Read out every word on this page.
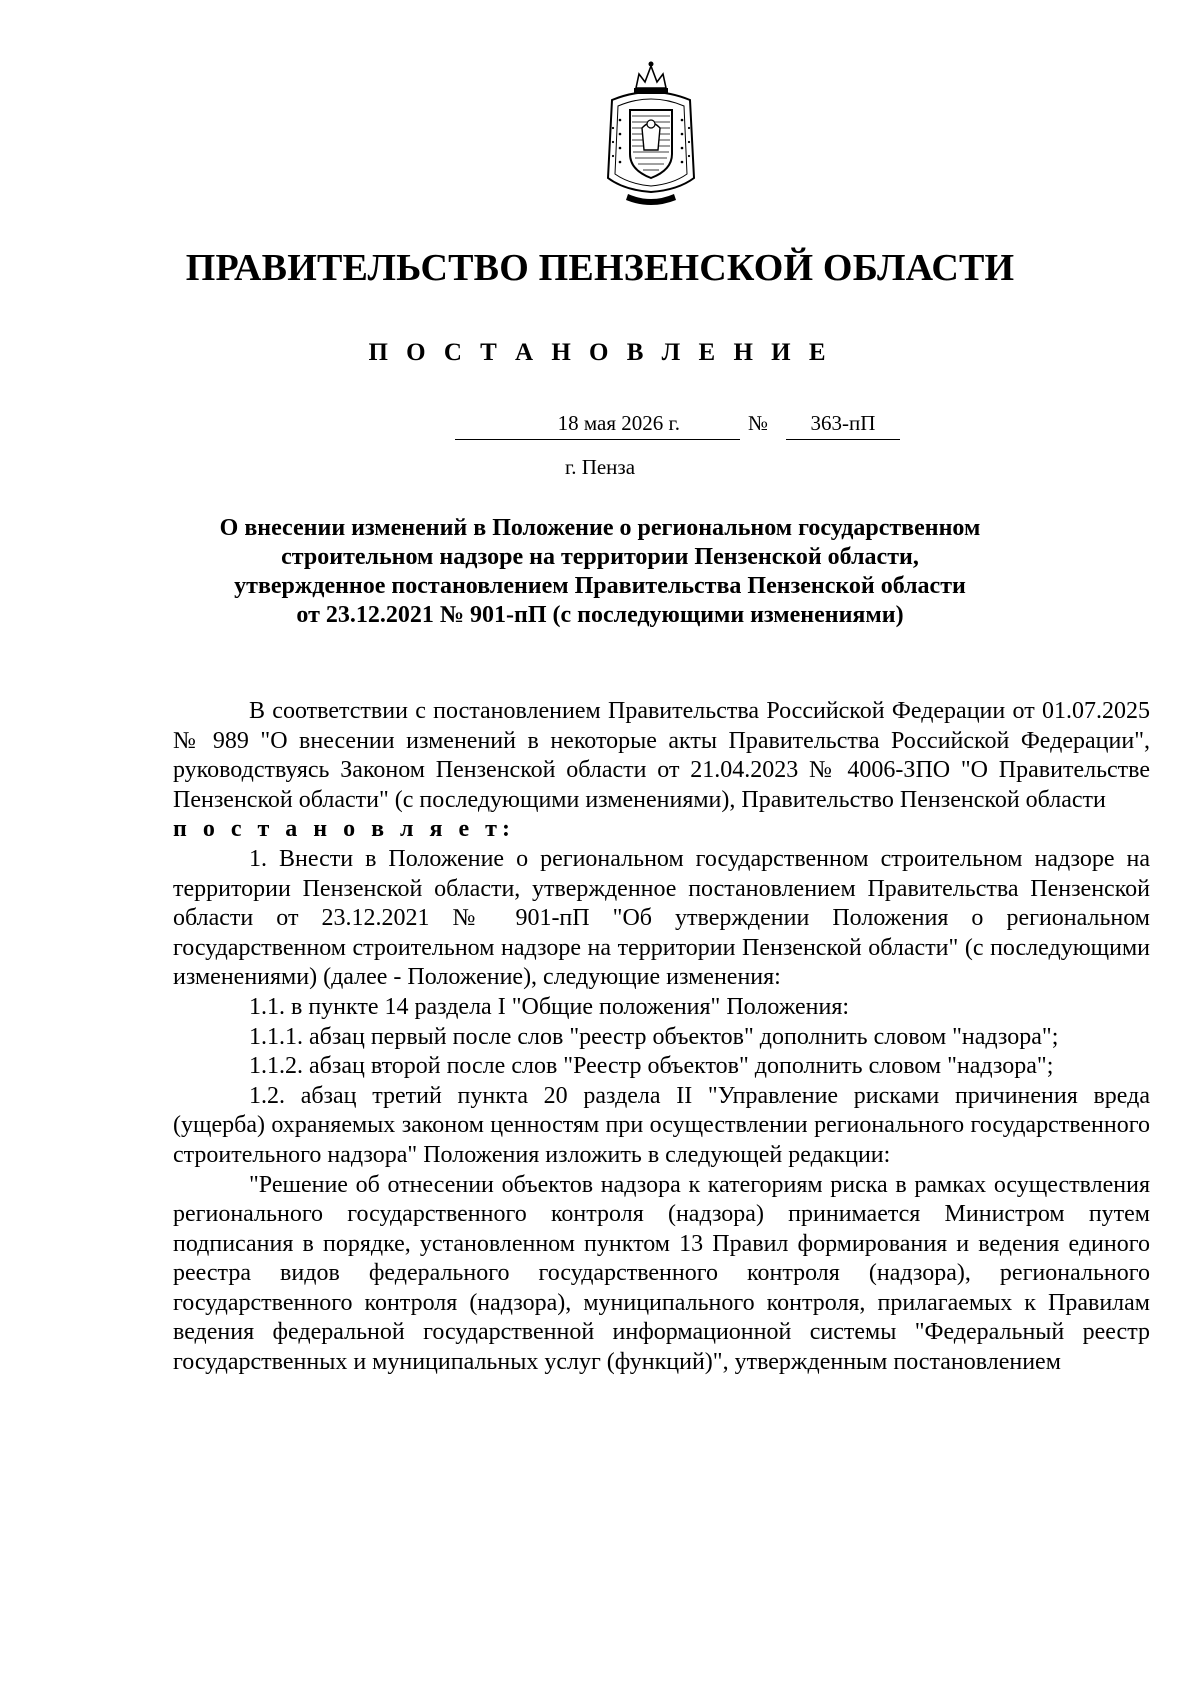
ПРАВИТЕЛЬСТВО ПЕНЗЕНСКОЙ ОБЛАСТИ
П О С Т А Н О В Л Е Н И Е
18 мая 2026 г.	№	363-пП
г. Пенза
О внесении изменений в Положение о региональном государственном
строительном надзоре на территории Пензенской области,
утвержденное постановлением Правительства Пензенской области
от 23.12.2021 № 901-пП (с последующими изменениями)

В соответствии с постановлением Правительства Российской Федерации от 01.07.2025 № 989 "О внесении изменений в некоторые акты Правительства Российской Федерации", руководствуясь Законом Пензенской области от 21.04.2023 № 4006-ЗПО "О Правительстве Пензенской области" (с последующими изменениями), Правительство Пензенской области

п о с т а н о в л я е т:

1. Внести в Положение о региональном государственном строительном надзоре на территории Пензенской области, утвержденное постановлением Правительства Пензенской области от 23.12.2021 № 901-пП "Об утверждении Положения о региональном государственном строительном надзоре на территории Пензенской области" (с последующими изменениями) (далее - Положение), следующие изменения:

1.1. в пункте 14 раздела I "Общие положения" Положения:

1.1.1. абзац первый после слов "реестр объектов" дополнить словом "надзора";

1.1.2. абзац второй после слов "Реестр объектов" дополнить словом "надзора";

1.2. абзац третий пункта 20 раздела II "Управление рисками причинения вреда (ущерба) охраняемых законом ценностям при осуществлении регионального государственного строительного надзора" Положения изложить в следующей редакции:

"Решение об отнесении объектов надзора к категориям риска в рамках осуществления регионального государственного контроля (надзора) принимается Министром путем подписания в порядке, установленном пунктом 13 Правил формирования и ведения единого реестра видов федерального государственного контроля (надзора), регионального государственного контроля (надзора), муниципального контроля, прилагаемых к Правилам ведения федеральной государственной информационной системы "Федеральный реестр государственных и муниципальных услуг (функций)", утвержденным постановлением
